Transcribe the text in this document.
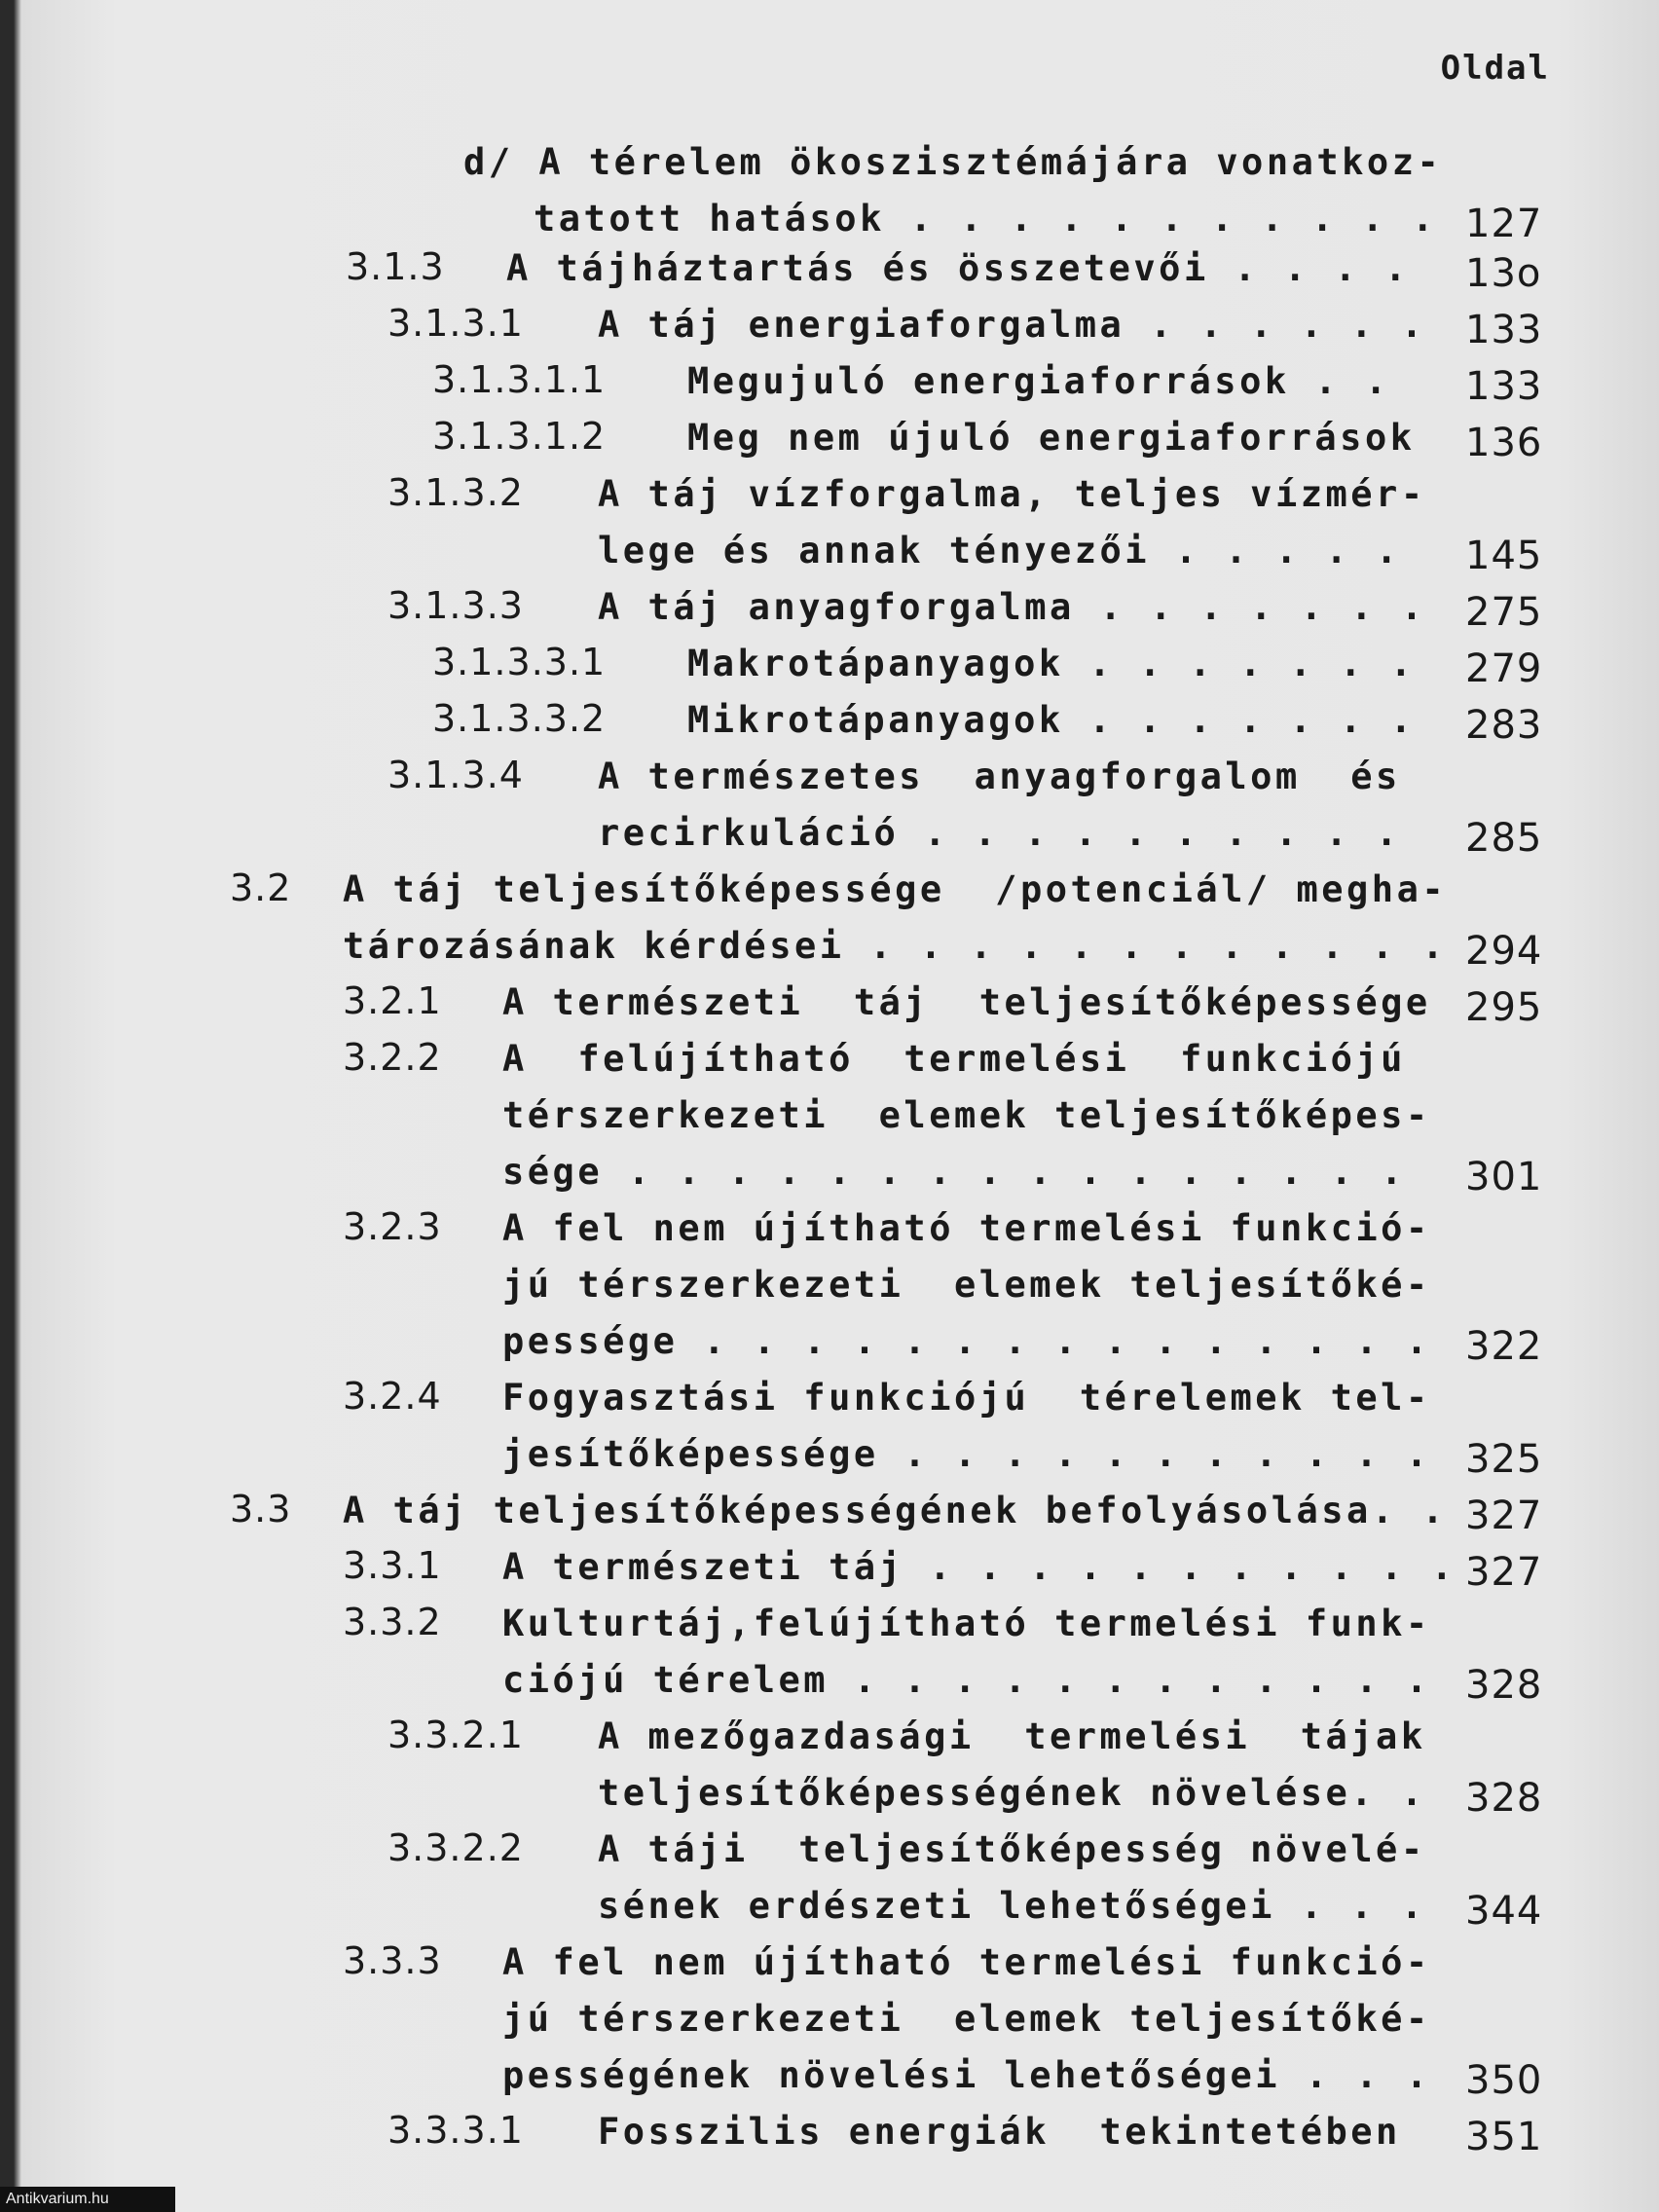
Oldal
d/ A térelem ökoszisztémájára vonatkoz-
tatott hatások . . . . . . . . . . . 127
3.1.3 A tájháztartás és összetevői . . . . 13o
3.1.3.1 A táj energiaforgalma . . . . . . 133
3.1.3.1.1 Megujuló energiaforrások . . 133
3.1.3.1.2 Meg nem újuló energiaforrások 136
3.1.3.2 A táj vízforgalma, teljes vízmér-
lege és annak tényezői . . . . . 145
3.1.3.3 A táj anyagforgalma . . . . . . . 275
3.1.3.3.1 Makrotápanyagok . . . . . . . 279
3.1.3.3.2 Mikrotápanyagok . . . . . . . 283
3.1.3.4 A természetes  anyagforgalom  és
recirkuláció . . . . . . . . . . 285
3.2 A táj teljesítőképessége  /potenciál/ megha-
tározásának kérdései . . . . . . . . . . . . 294
3.2.1 A természeti  táj  teljesítőképessége 295
3.2.2 A  felújítható  termelési  funkciójú
térszerkezeti  elemek teljesítőképes-
sége . . . . . . . . . . . . . . . . 301
3.2.3 A fel nem újítható termelési funkció-
jú térszerkezeti  elemek teljesítőké-
pessége . . . . . . . . . . . . . . . 322
3.2.4 Fogyasztási funkciójú  térelemek tel-
jesítőképessége . . . . . . . . . . . 325
3.3 A táj teljesítőképességének befolyásolása. . 327
3.3.1 A természeti táj . . . . . . . . . . . 327
3.3.2 Kulturtáj,felújítható termelési funk-
ciójú térelem . . . . . . . . . . . . 328
3.3.2.1 A mezőgazdasági  termelési  tájak
teljesítőképességének növelése. . 328
3.3.2.2 A táji  teljesítőképesség növelé-
sének erdészeti lehetőségei . . . 344
3.3.3 A fel nem újítható termelési funkció-
jú térszerkezeti  elemek teljesítőké-
pességének növelési lehetőségei . . . 350
3.3.3.1 Fosszilis energiák  tekintetében 351
Antikvarium.hu
